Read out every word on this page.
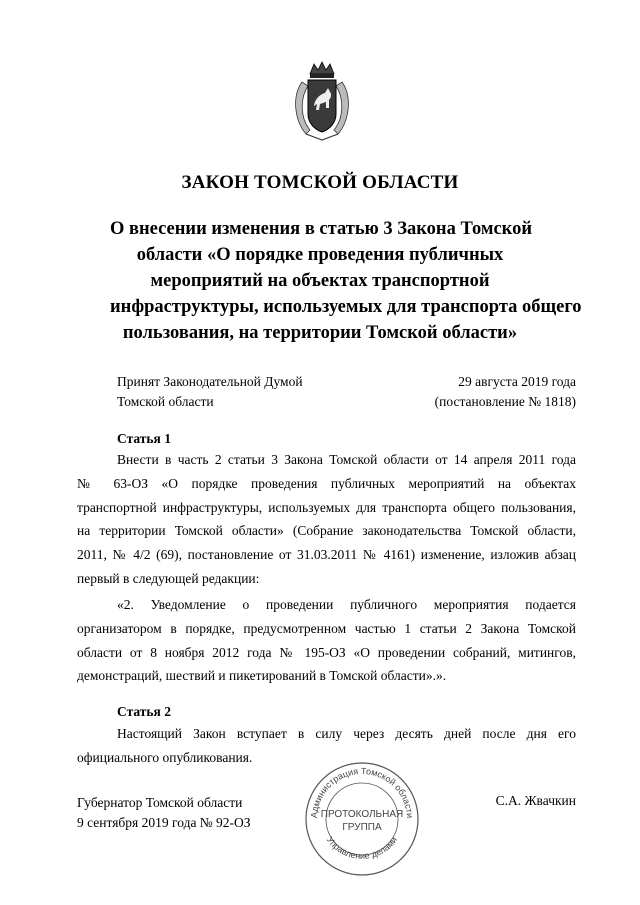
ЗАКОН ТОМСКОЙ ОБЛАСТИ
О внесении изменения в статью 3 Закона Томской
области «О порядке проведения публичных
мероприятий на объектах транспортной
инфраструктуры, используемых для транспорта общего
пользования, на территории Томской области»
Принят Законодательной Думой
Томской области
29 августа 2019 года
(постановление № 1818)
Статья 1
Внести в часть 2 статьи 3 Закона Томской области от 14 апреля 2011 года
№ 63-ОЗ «О порядке проведения публичных мероприятий на объектах
транспортной инфраструктуры, используемых для транспорта общего пользования,
на территории Томской области» (Собрание законодательства Томской области,
2011, № 4/2 (69), постановление от 31.03.2011 № 4161) изменение, изложив абзац
первый в следующей редакции:
«2. Уведомление о проведении публичного мероприятия подается
организатором в порядке, предусмотренном частью 1 статьи 2 Закона Томской
области от 8 ноября 2012 года № 195-ОЗ «О проведении собраний, митингов,
демонстраций, шествий и пикетирований в Томской области».».
Статья 2
Настоящий Закон вступает в силу через десять дней после дня его
официального опубликования.
Администрация Томской области
Управление делами
ПРОТОКОЛЬНАЯ
ГРУППА
Губернатор Томской области
9 сентября 2019 года № 92-ОЗ
С.А. Жвачкин
